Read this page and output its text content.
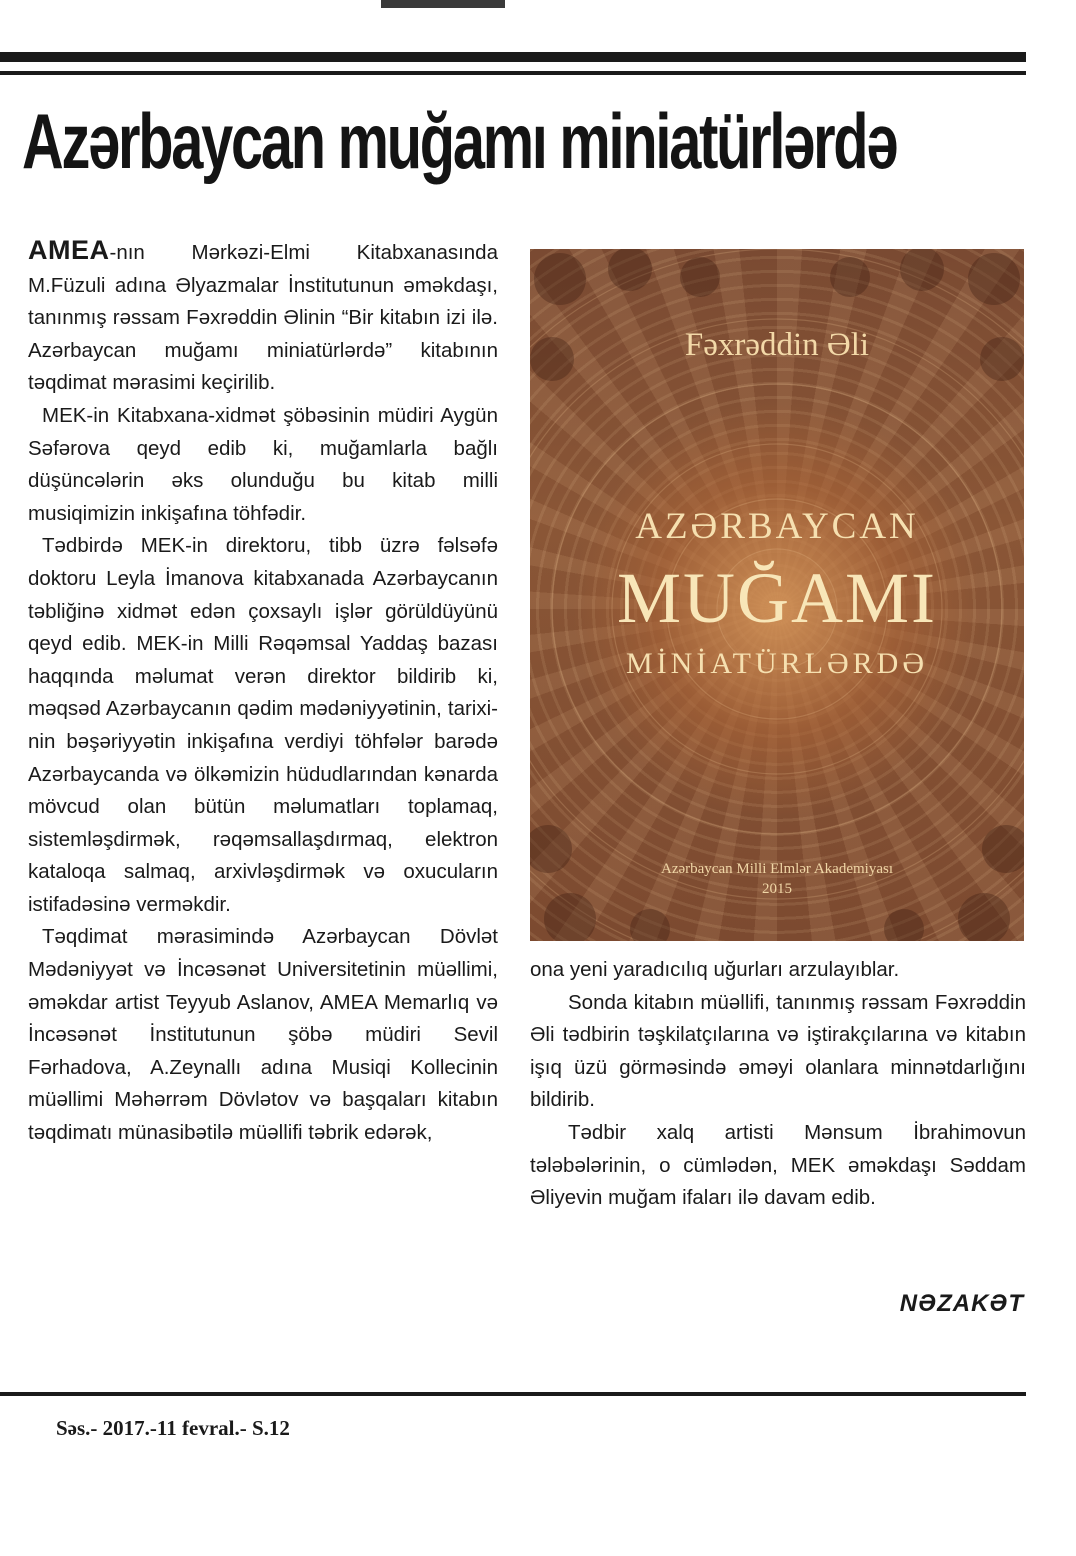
Azərbaycan muğamı miniatürlərdə

AMEA-nın Mərkəzi-Elmi Kitabxanasında M.Füzuli adına Əlyazmalar İnstitutunun əməkdaşı, tanınmış rəssam Fəxrəddin Əlinin “Bir kitabın izi ilə. Azərbaycan muğamı miniatürlərdə” kitabının təqdimat mərasimi keçirilib.

MEK-in Kitabxana-xidmət şöbəsinin müdiri Aygün Səfərova qeyd edib ki, muğamlarla bağlı düşüncələrin əks olunduğu bu kitab milli musiqimizin inkişafına töhfədir.

Tədbirdə MEK-in direktoru, tibb üzrə fəlsəfə doktoru Leyla İmanova kitabxanada Azərbaycanın təbliğinə xidmət edən çoxsaylı işlər görüldüyünü qeyd edib. MEK-in Milli Rəqəmsal Yaddaş bazası haqqında məlumat verən direktor bildirib ki, məqsəd Azərbaycanın qədim mədəniyyətinin, tarixinin bəşəriyyətin inkişafına verdiyi töhfələr barədə Azərbaycanda və ölkəmizin hüdudlarından kənarda mövcud olan bütün məlumatları toplamaq, sistemləşdirmək, rəqəmsallaşdırmaq, elektron kataloqa salmaq, arxivləşdirmək və oxucuların istifadəsinə verməkdir.

Təqdimat mərasimində Azərbaycan Dövlət Mədəniyyət və İncəsənət Universitetinin müəllimi, əməkdar artist Teyyub Aslanov, AMEA Memarlıq və İncəsənət İnstitutunun şöbə müdiri Sevil Fərhadova, A.Zeynallı adına Musiqi Kollecinin müəllimi Məhərrəm Dövlətov və başqaları kitabın təqdimatı münasibətilə müəllifi təbrik edərək,

Fəxrəddin Əli
AZƏRBAYCAN
MUĞAMI
MİNİATÜRLƏRDƏ
Azərbaycan Milli Elmlər Akademiyası
2015

ona yeni yaradıcılıq uğurları arzulayıblar.

Sonda kitabın müəllifi, tanınmış rəssam Fəxrəddin Əli tədbirin təşkilatçılarına və iştirakçılarına və kitabın işıq üzü görməsində əməyi olanlara minnətdarlığını bildirib.

Tədbir xalq artisti Mənsum İbrahimovun tələbələrinin, o cümlədən, MEK əməkdaşı Səddam Əliyevin muğam ifaları ilə davam edib.

NƏZAKƏT
Səs.- 2017.-11 fevral.- S.12
